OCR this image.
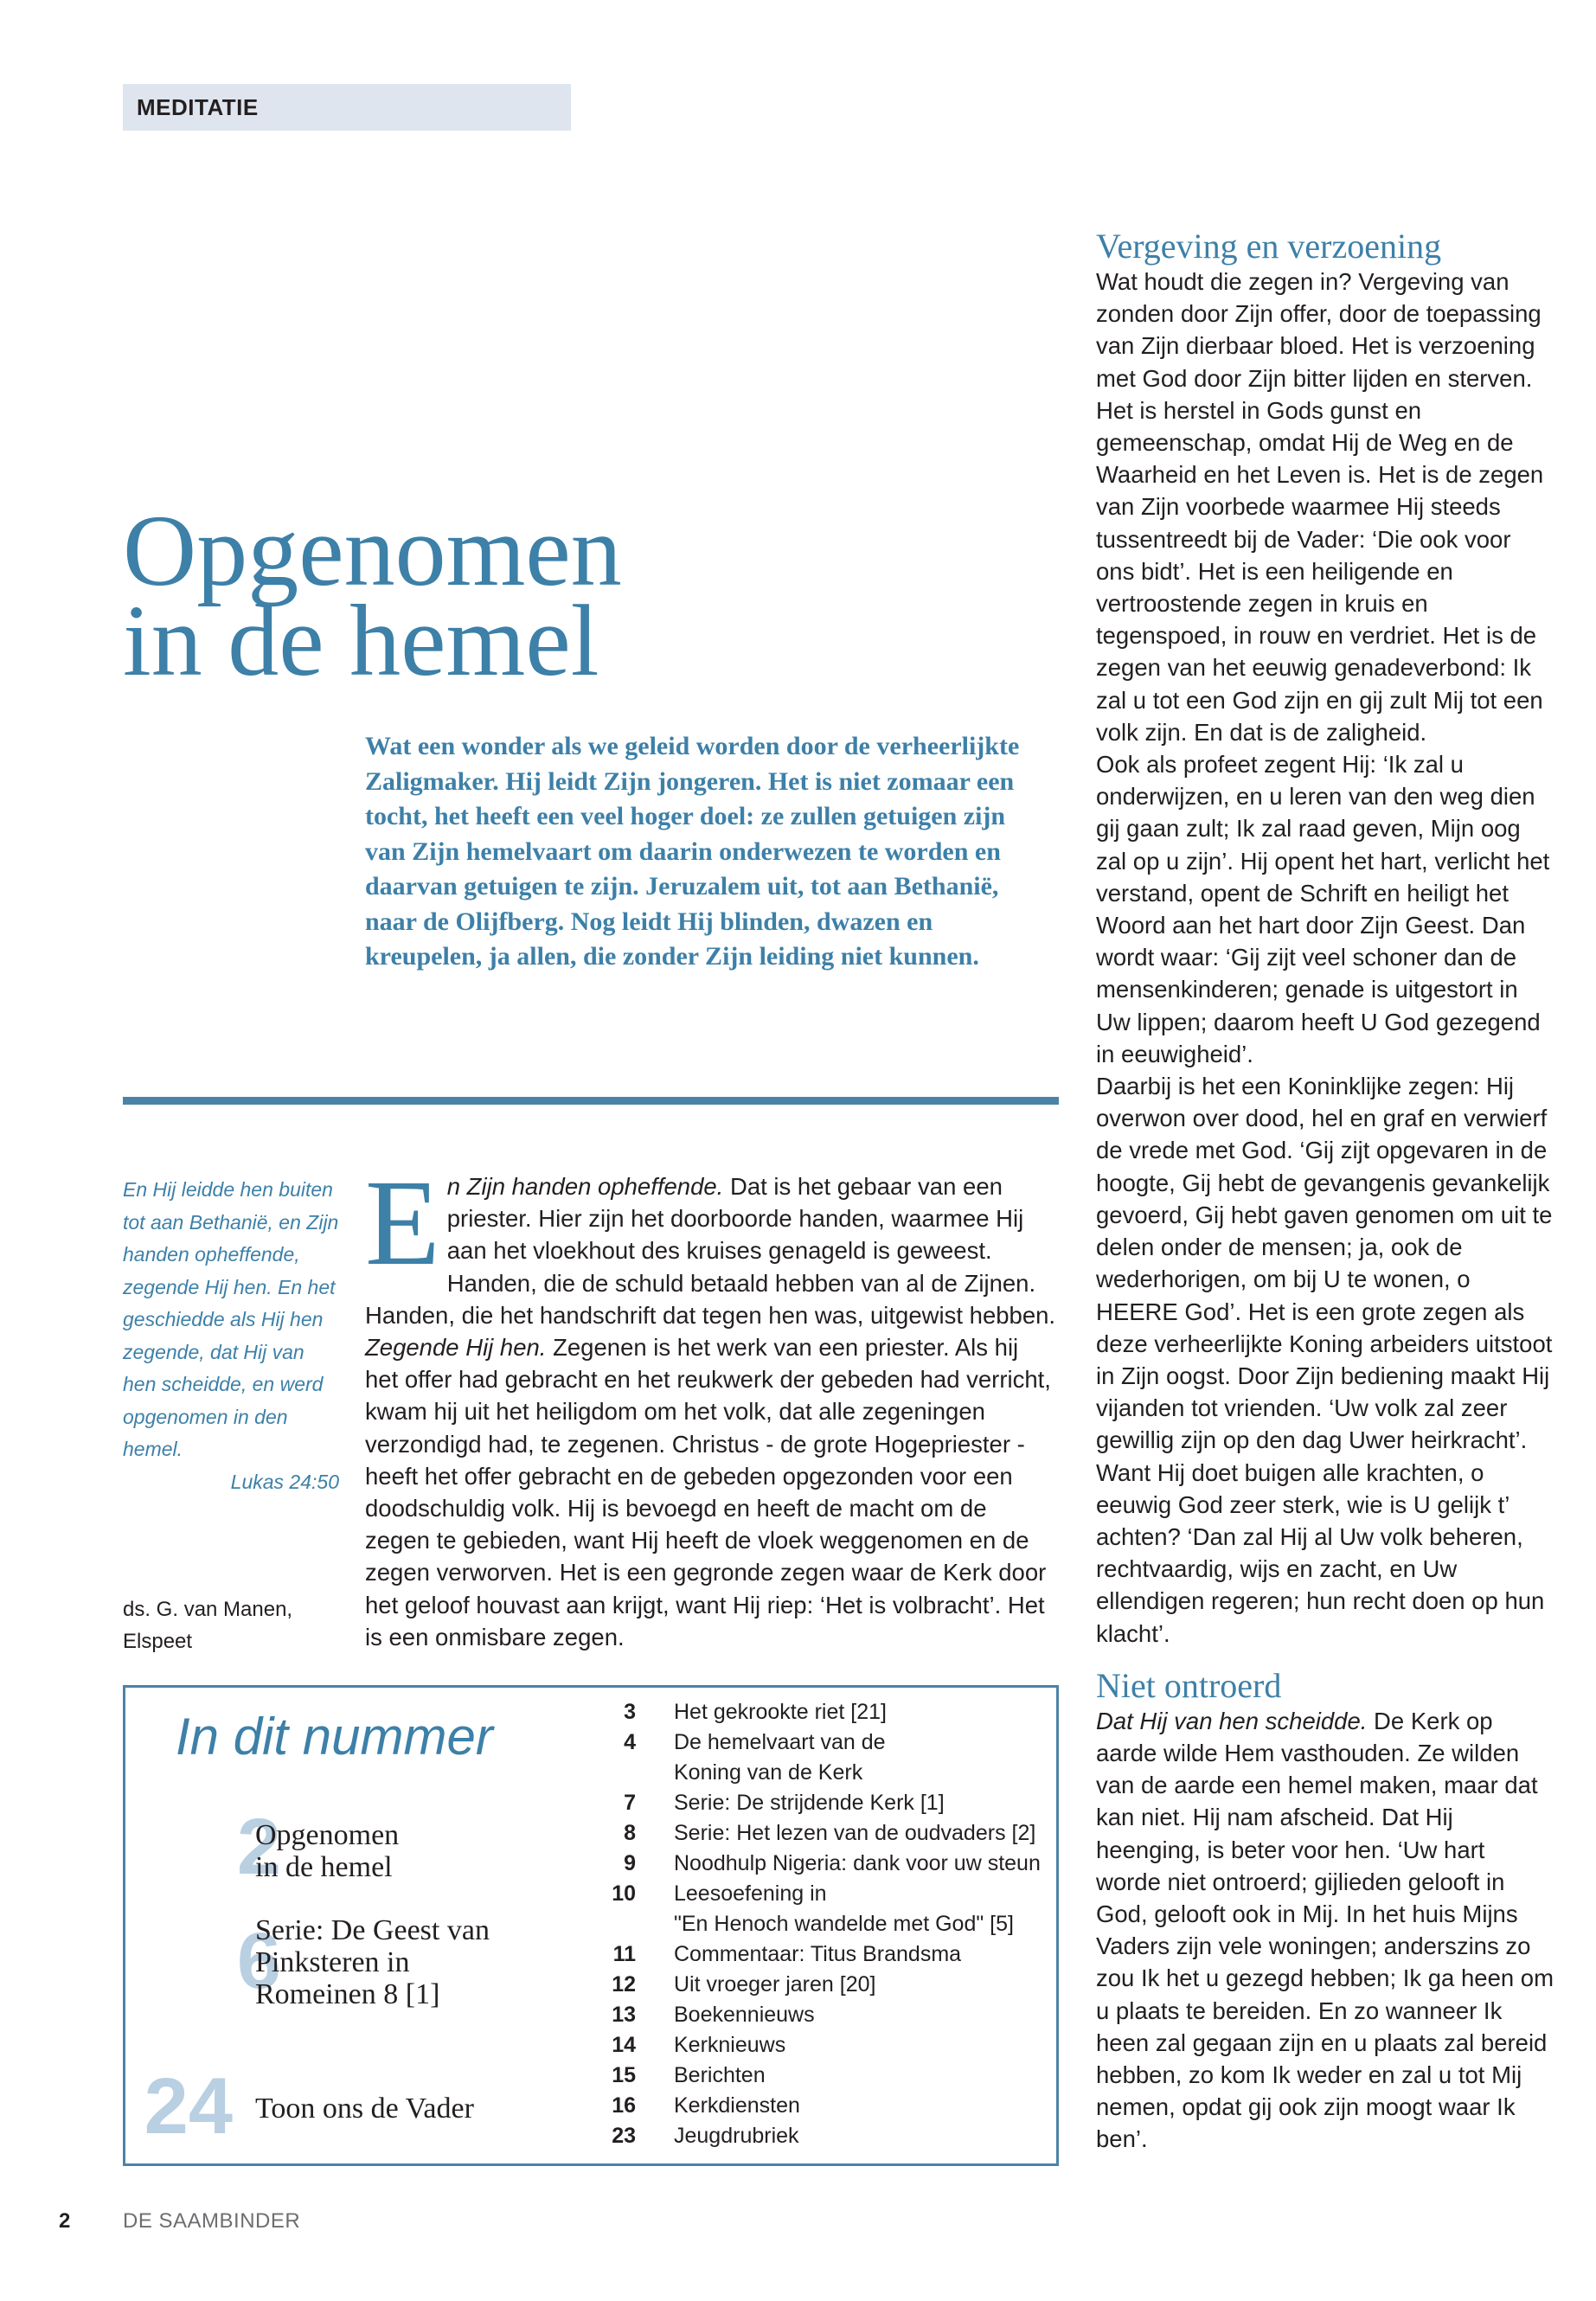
MEDITATIE
Opgenomen
in de hemel
Wat een wonder als we geleid worden door de verheerlijkte Zaligmaker. Hij leidt Zijn jongeren. Het is niet zomaar een tocht, het heeft een veel hoger doel: ze zullen getuigen zijn van Zijn hemelvaart om daarin onderwezen te worden en daarvan getuigen te zijn. Jeruzalem uit, tot aan Bethanië, naar de Olijfberg. Nog leidt Hij blinden, dwazen en kreupelen, ja allen, die zonder Zijn leiding niet kunnen.
En Hij leidde hen buiten tot aan Bethanië, en Zijn handen opheffende, zegende Hij hen. En het geschiedde als Hij hen zegende, dat Hij van hen scheidde, en werd opgenomen in den hemel.
Lukas 24:50
ds. G. van Manen,
Elspeet

En Zijn handen opheffende. Dat is het gebaar van een priester. Hier zijn het doorboorde handen, waarmee Hij aan het vloekhout des kruises genageld is geweest. Handen, die de schuld betaald hebben van al de Zijnen. Handen, die het handschrift dat tegen hen was, uitgewist hebben.

Zegende Hij hen. Zegenen is het werk van een priester. Als hij het offer had gebracht en het reukwerk der gebeden had verricht, kwam hij uit het heiligdom om het volk, dat alle zegeningen verzondigd had, te zegenen. Christus - de grote Hogepriester - heeft het offer gebracht en de gebeden opgezonden voor een doodschuldig volk. Hij is bevoegd en heeft de macht om de zegen te gebieden, want Hij heeft de vloek weggenomen en de zegen verworven. Het is een gegronde zegen waar de Kerk door het geloof houvast aan krijgt, want Hij riep: ‘Het is volbracht’. Het is een onmisbare zegen.

Vergeving en verzoening

Wat houdt die zegen in? Vergeving van zonden door Zijn offer, door de toepassing van Zijn dierbaar bloed. Het is verzoening met God door Zijn bitter lijden en sterven. Het is herstel in Gods gunst en gemeenschap, omdat Hij de Weg en de Waarheid en het Leven is. Het is de zegen van Zijn voorbede waarmee Hij steeds tussentreedt bij de Vader: ‘Die ook voor ons bidt’. Het is een heiligende en vertroostende zegen in kruis en tegenspoed, in rouw en verdriet. Het is de zegen van het eeuwig genadeverbond: Ik zal u tot een God zijn en gij zult Mij tot een volk zijn. En dat is de zaligheid.

Ook als profeet zegent Hij: ‘Ik zal u onderwijzen, en u leren van den weg dien gij gaan zult; Ik zal raad geven, Mijn oog zal op u zijn’. Hij opent het hart, verlicht het verstand, opent de Schrift en heiligt het Woord aan het hart door Zijn Geest. Dan wordt waar: ‘Gij zijt veel schoner dan de mensenkinderen; genade is uitgestort in Uw lippen; daarom heeft U God gezegend in eeuwigheid’.

Daarbij is het een Koninklijke zegen: Hij overwon over dood, hel en graf en verwierf de vrede met God. ‘Gij zijt opgevaren in de hoogte, Gij hebt de gevangenis gevankelijk gevoerd, Gij hebt gaven genomen om uit te delen onder de mensen; ja, ook de wederhorigen, om bij U te wonen, o HEERE God’. Het is een grote zegen als deze verheerlijkte Koning arbeiders uitstoot in Zijn oogst. Door Zijn bediening maakt Hij vijanden tot vrienden. ‘Uw volk zal zeer gewillig zijn op den dag Uwer heirkracht’. Want Hij doet buigen alle krachten, o eeuwig God zeer sterk, wie is U gelijk t’ achten? ‘Dan zal Hij al Uw volk beheren, rechtvaardig, wijs en zacht, en Uw ellendigen regeren; hun recht doen op hun klacht’.

Niet ontroerd

Dat Hij van hen scheidde. De Kerk op aarde wilde Hem vasthouden. Ze wilden van de aarde een hemel maken, maar dat kan niet. Hij nam afscheid. Dat Hij heenging, is beter voor hen. ‘Uw hart worde niet ontroerd; gijlieden gelooft in God, gelooft ook in Mij. In het huis Mijns Vaders zijn vele woningen; anderszins zo zou Ik het u gezegd hebben; Ik ga heen om u plaats te bereiden. En zo wanneer Ik heen zal gegaan zijn en u plaats zal bereid hebben, zo kom Ik weder en zal u tot Mij nemen, opdat gij ook zijn moogt waar Ik ben’.

In dit nummer
2
Opgenomen
in de hemel
6
Serie: De Geest van
Pinksteren in
Romeinen 8 [1]
24 Toon ons de Vader
3	Het gekrookte riet [21]
4	De hemelvaart van de
Koning van de Kerk
7	Serie: De strijdende Kerk [1]
8	Serie: Het lezen van de oudvaders [2]
9	Noodhulp Nigeria: dank voor uw steun
10	Leesoefening in
"En Henoch wandelde met God" [5]
11	Commentaar: Titus Brandsma
12	Uit vroeger jaren [20]
13	Boekennieuws
14	Kerknieuws
15	Berichten
16	Kerkdiensten
23	Jeugdrubriek
2	DE SAAMBINDER
